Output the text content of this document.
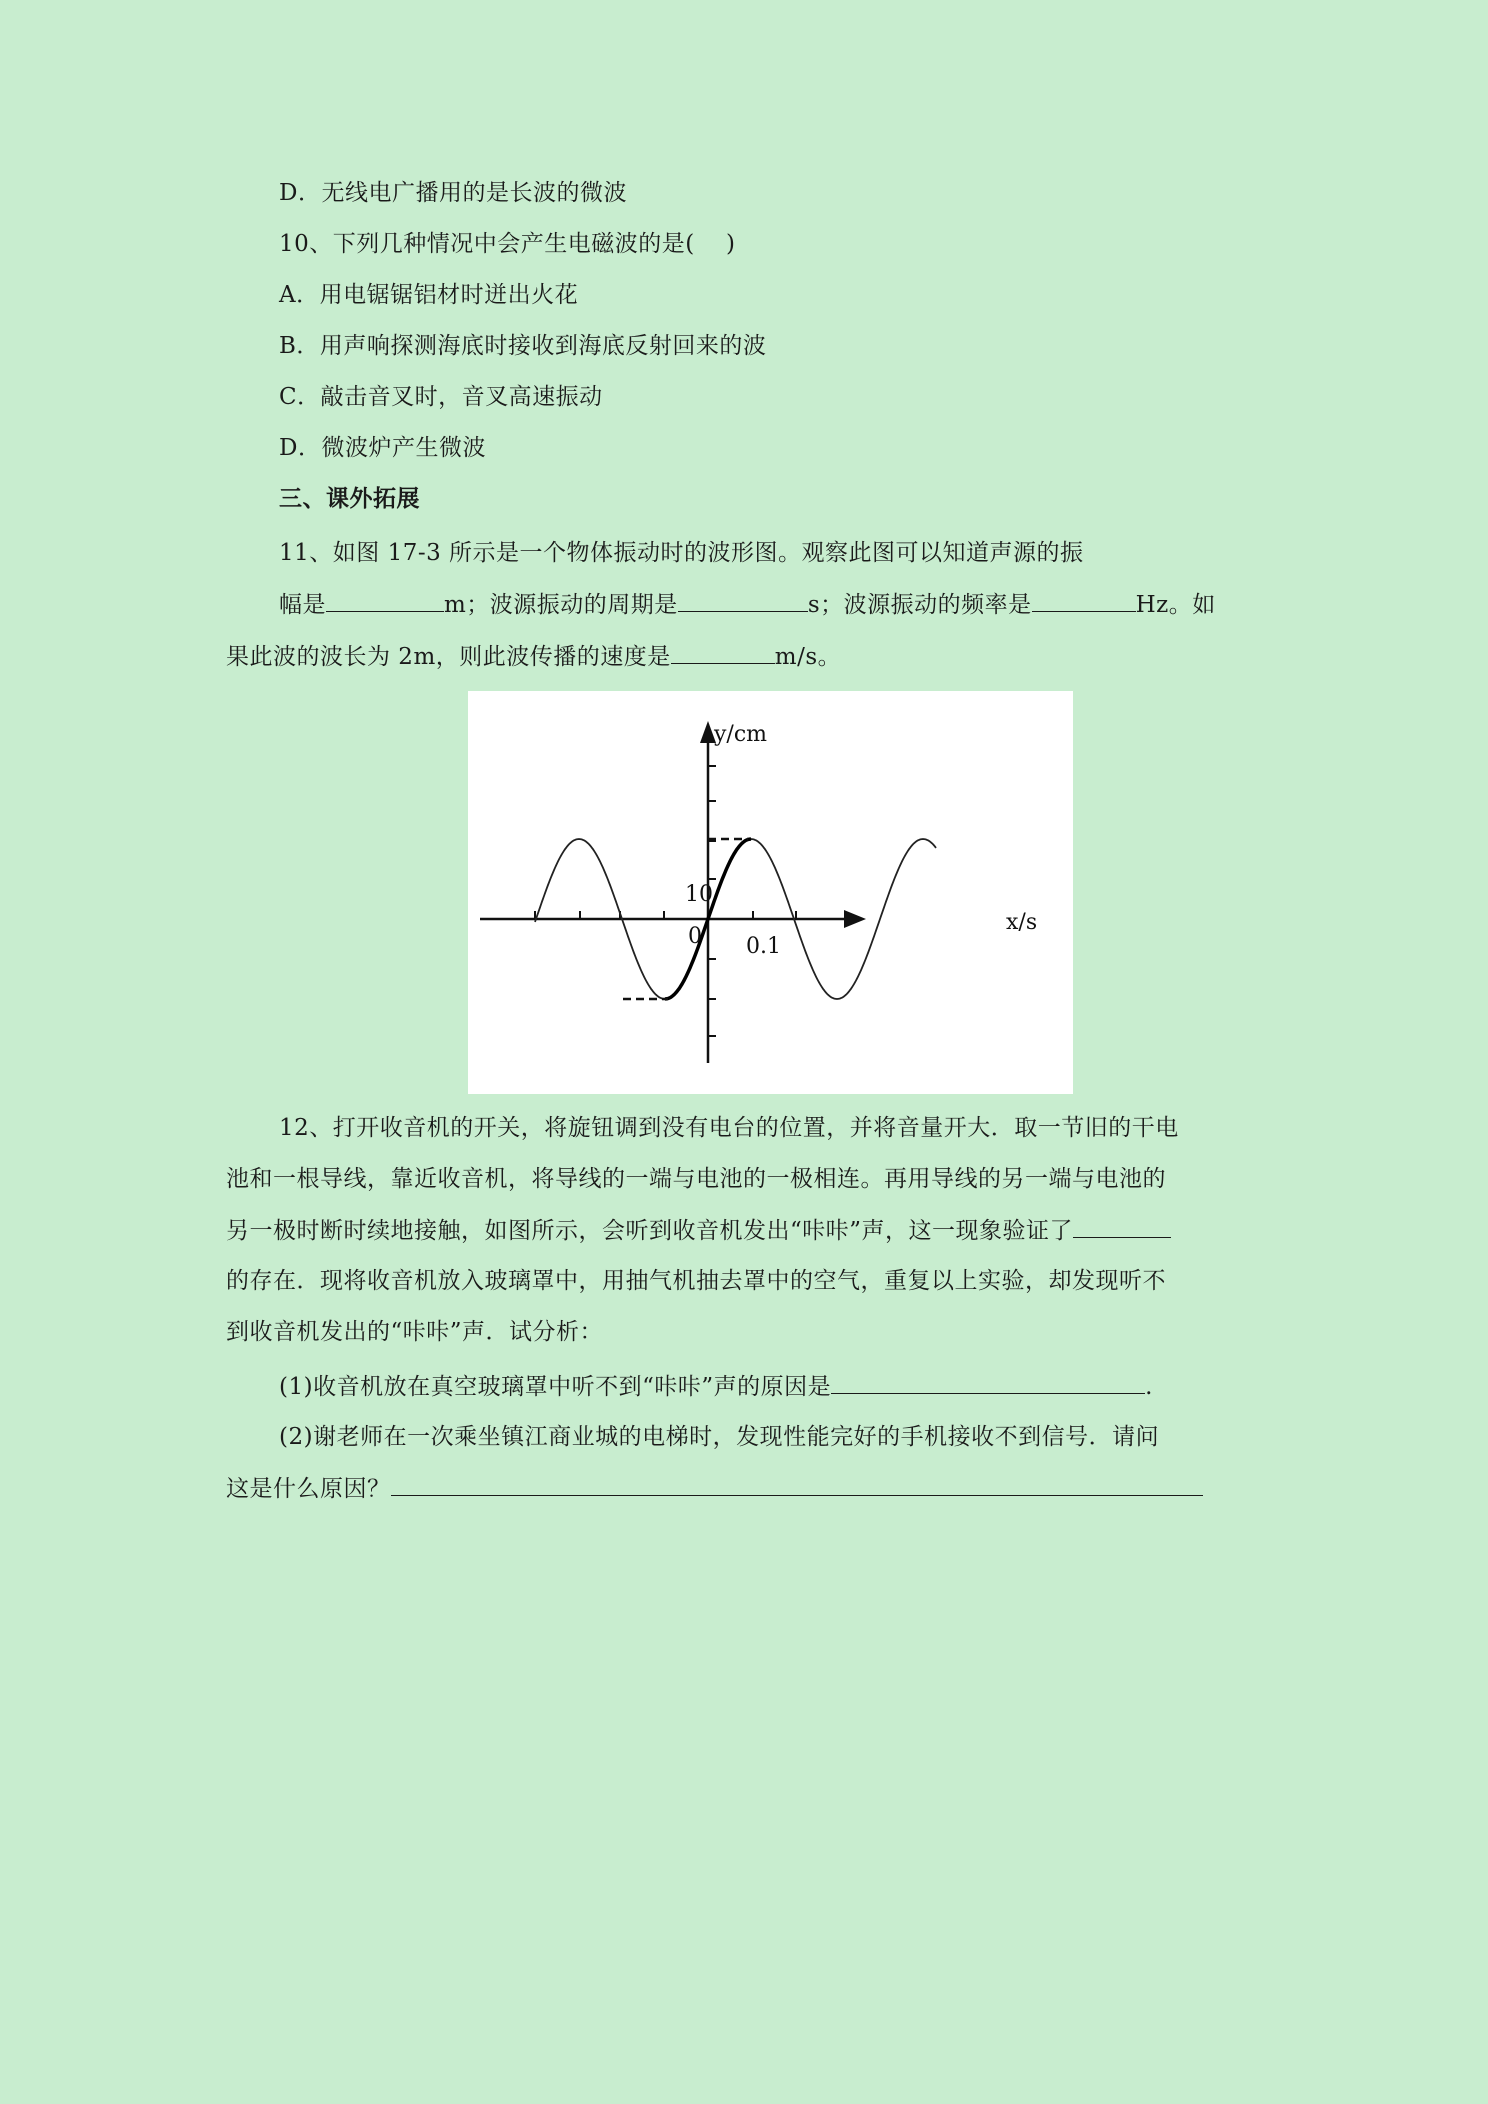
D．无线电广播用的是长波的微波
10、下列几种情况中会产生电磁波的是(　 )
A．用电锯锯铝材时迸出火花
B．用声响探测海底时接收到海底反射回来的波
C．敲击音叉时，音叉高速振动
D．微波炉产生微波
三、课外拓展
11、如图 17-3 所示是一个物体振动时的波形图。观察此图可以知道声源的振
幅是	m；波源振动的周期是	s；波源振动的频率是	Hz。如
果此波的波长为 2m，则此波传播的速度是	m/s。
y/cm
x/s
0
10
0.1
12、打开收音机的开关，将旋钮调到没有电台的位置，并将音量开大．取一节旧的干电
池和一根导线，靠近收音机，将导线的一端与电池的一极相连。再用导线的另一端与电池的
另一极时断时续地接触，如图所示，会听到收音机发出“咔咔”声，这一现象验证了
的存在．现将收音机放入玻璃罩中，用抽气机抽去罩中的空气，重复以上实验，却发现听不
到收音机发出的“咔咔”声．试分析：
(1)收音机放在真空玻璃罩中听不到“咔咔”声的原因是	.
(2)谢老师在一次乘坐镇江商业城的电梯时，发现性能完好的手机接收不到信号．请问
这是什么原因？
